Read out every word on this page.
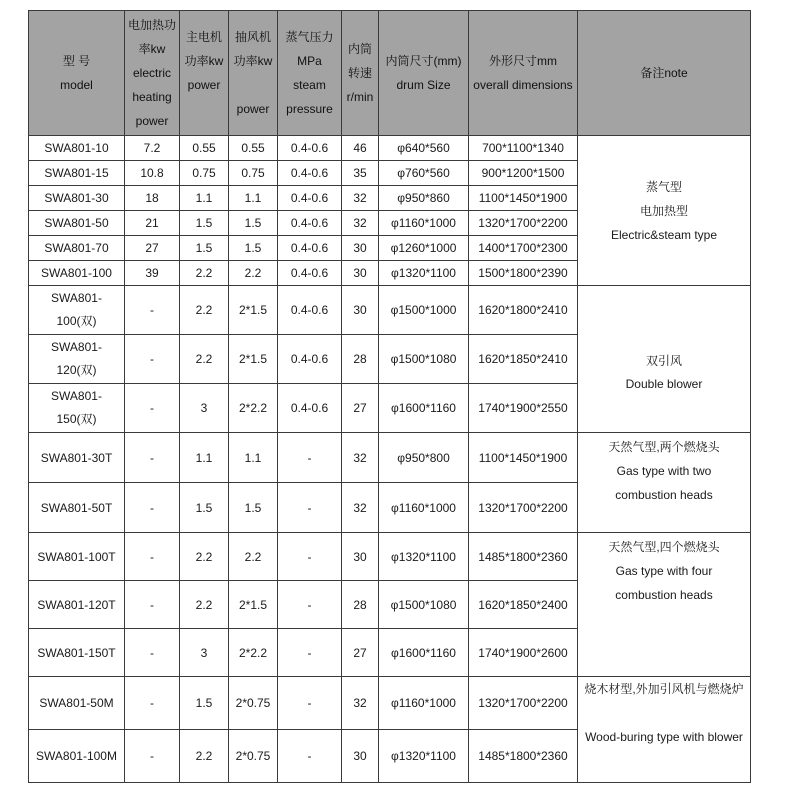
型 号
model	电加热功
率kw
electric
heating
power	主电机
功率kw
power	抽风机
功率kw

power	蒸气压力
MPa
steam
pressure	内筒
转速
r/min	内筒尺寸(mm)
drum Size	外形尺寸mm
overall dimensions	备注note

SWA801-10	7.2	0.55	0.55	0.4-0.6	46	φ640*560	700*1100*1340	蒸气型
电加热型
Electric&steam type

SWA801-15	10.8	0.75	0.75	0.4-0.6	35	φ760*560	900*1200*1500	
SWA801-30	18	1.1	1.1	0.4-0.6	32	φ950*860	1100*1450*1900	
SWA801-50	21	1.5	1.5	0.4-0.6	32	φ1160*1000	1320*1700*2200	
SWA801-70	27	1.5	1.5	0.4-0.6	30	φ1260*1000	1400*1700*2300	
SWA801-100	39	2.2	2.2	0.4-0.6	30	φ1320*1100	1500*1800*2390	

SWA801-
100(双)	-	2.2	2*1.5	0.4-0.6	30	φ1500*1000	1620*1800*2410	双引风
Double blower

SWA801-
120(双)	-	2.2	2*1.5	0.4-0.6	28	φ1500*1080	1620*1850*2410	

SWA801-
150(双)	-	3	2*2.2	0.4-0.6	27	φ1600*1160	1740*1900*2550	
SWA801-30T	-	1.1	1.1	-	32	φ950*800	1100*1450*1900	天然气型,两个燃烧头
Gas type with two
combustion heads

SWA801-50T	-	1.5	1.5	-	32	φ1160*1000	1320*1700*2200	
SWA801-100T	-	2.2	2.2	-	30	φ1320*1100	1485*1800*2360	天然气型,四个燃烧头
Gas type with four
combustion heads

SWA801-120T	-	2.2	2*1.5	-	28	φ1500*1080	1620*1850*2400	
SWA801-150T	-	3	2*2.2	-	27	φ1600*1160	1740*1900*2600	
SWA801-50M	-	1.5	2*0.75	-	32	φ1160*1000	1320*1700*2200	烧木材型,外加引风机与燃烧炉

Wood-buring type with blower

SWA801-100M	-	2.2	2*0.75	-	30	φ1320*1100	1485*1800*2360	
